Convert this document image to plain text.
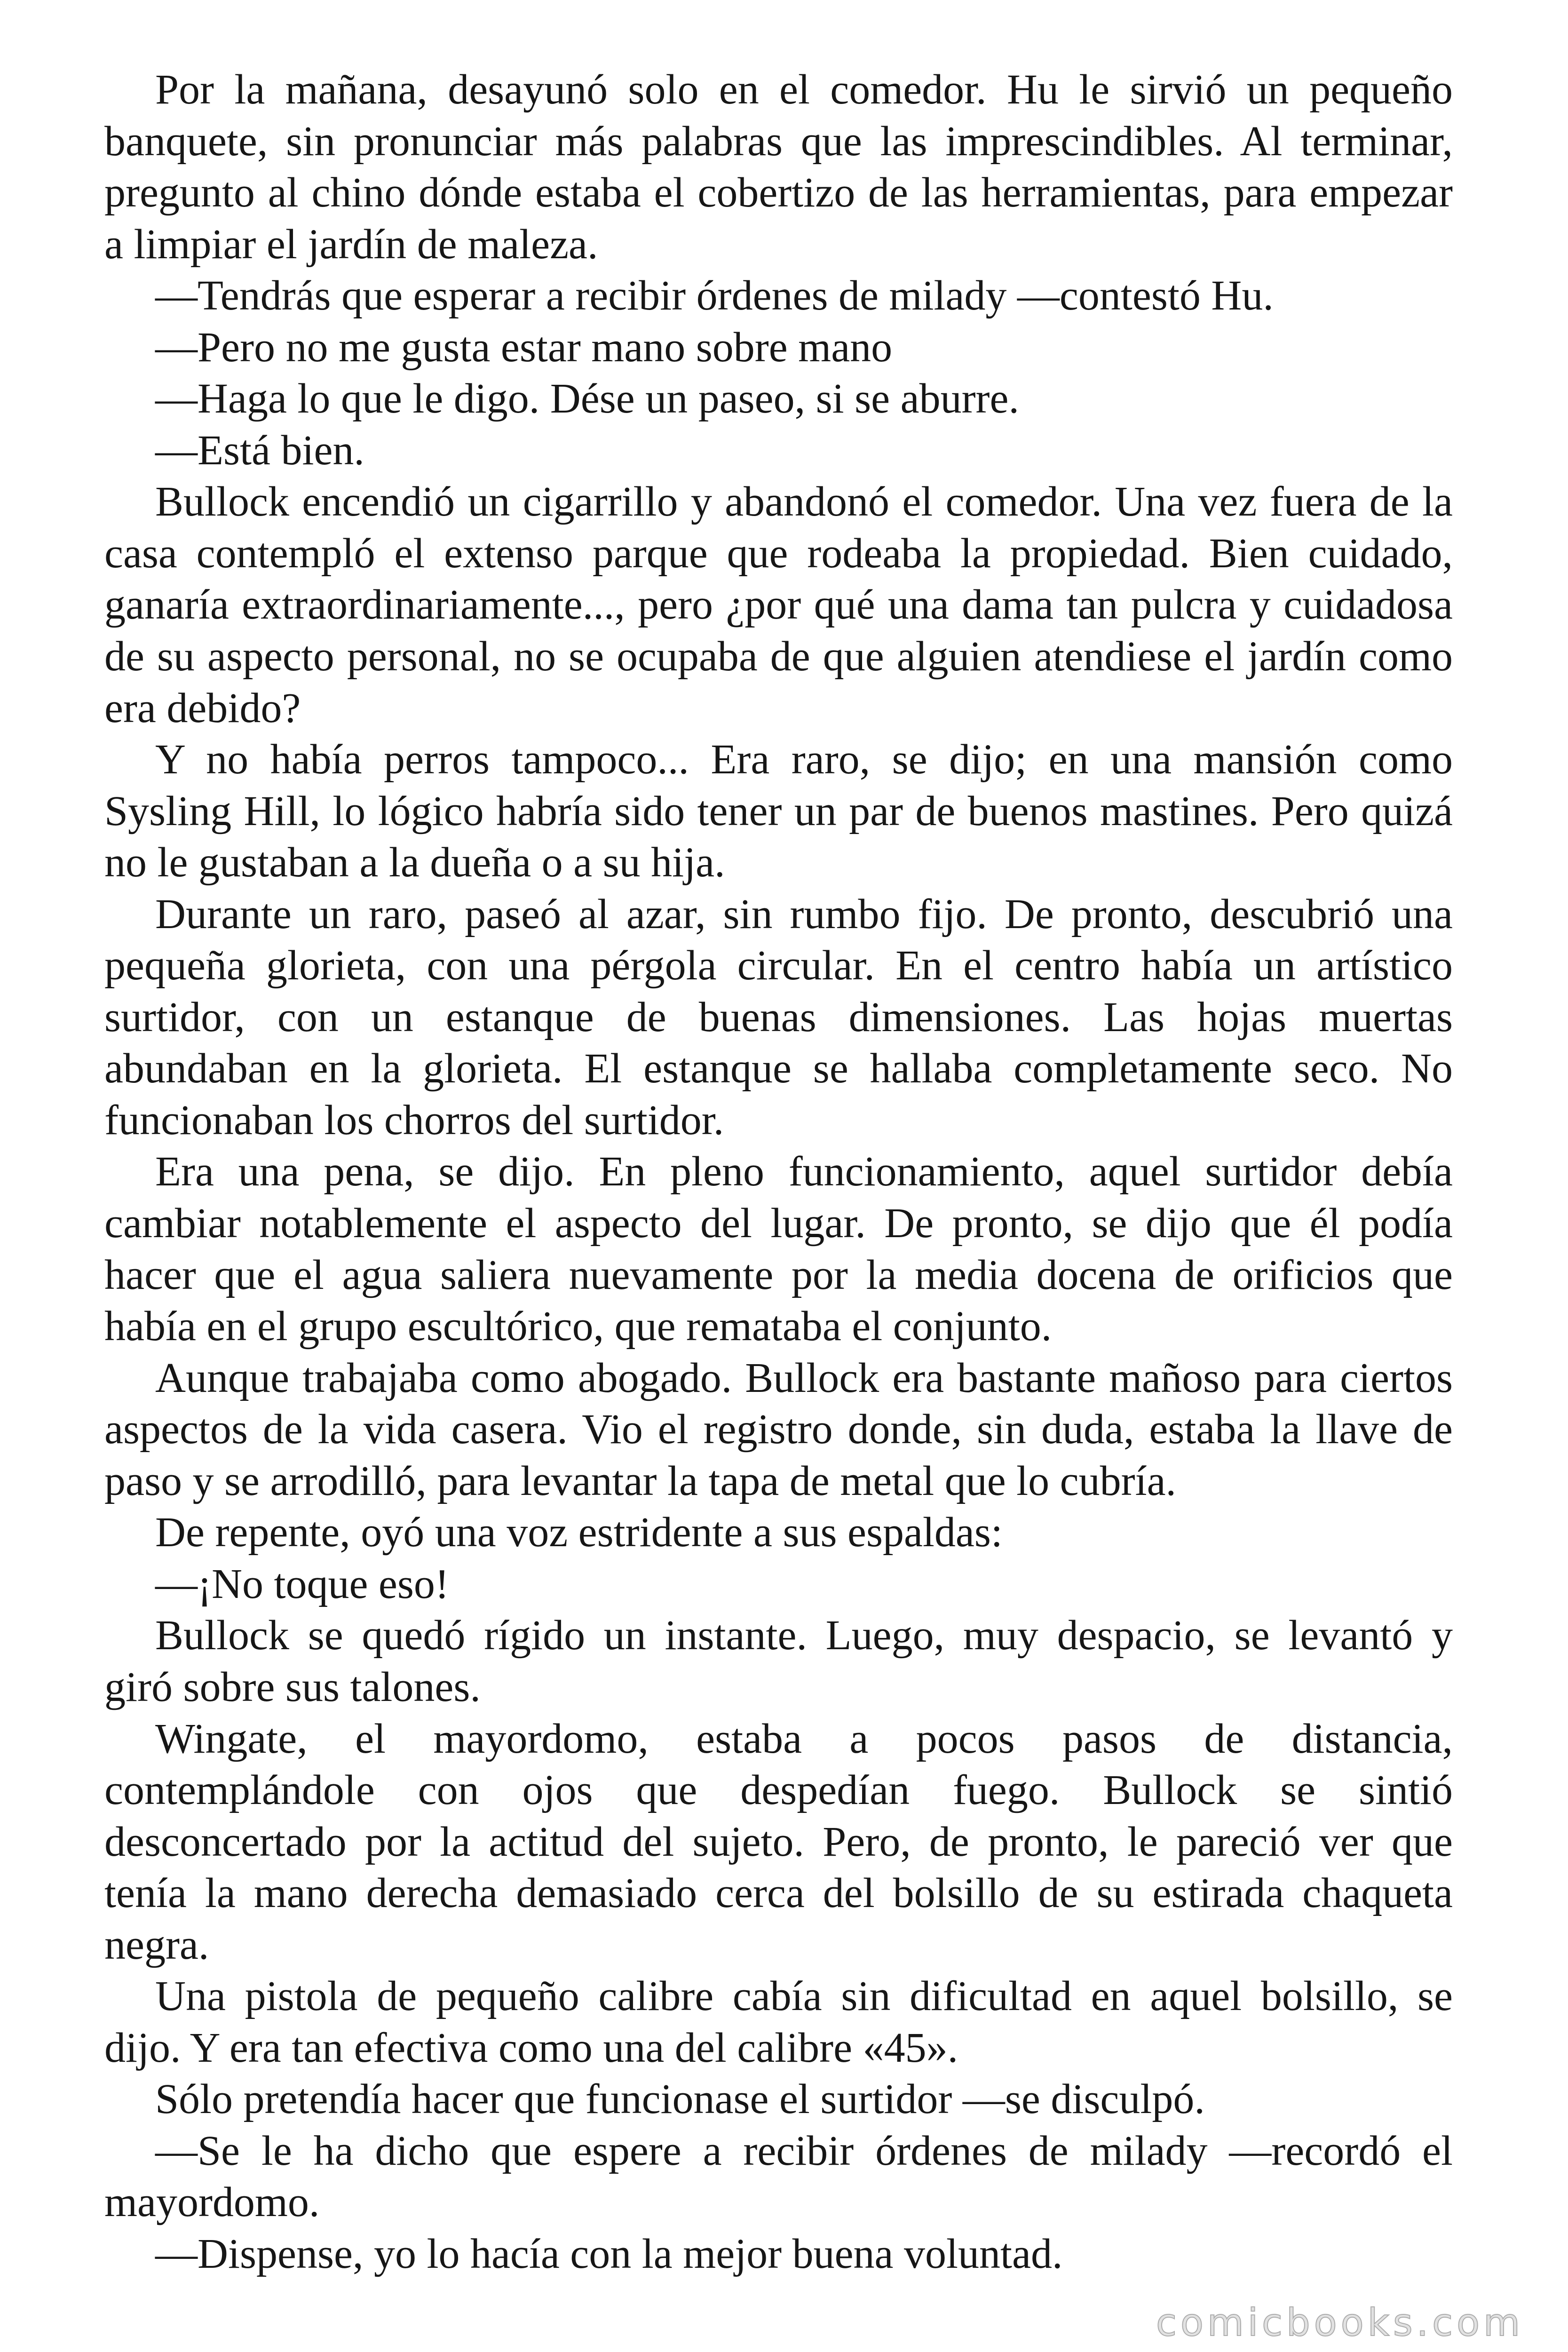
Por la mañana, desayunó solo en el comedor. Hu le sirvió un pequeño
banquete, sin pronunciar más palabras que las imprescindibles. Al terminar,
pregunto al chino dónde estaba el cobertizo de las herramientas, para empezar
a limpiar el jardín de maleza.
—Tendrás que esperar a recibir órdenes de milady —contestó Hu.
—Pero no me gusta estar mano sobre mano
—Haga lo que le digo. Dése un paseo, si se aburre.
—Está bien.
Bullock encendió un cigarrillo y abandonó el comedor. Una vez fuera de la
casa contempló el extenso parque que rodeaba la propiedad. Bien cuidado,
ganaría extraordinariamente..., pero ¿por qué una dama tan pulcra y cuidadosa
de su aspecto personal, no se ocupaba de que alguien atendiese el jardín como
era debido?
Y no había perros tampoco... Era raro, se dijo; en una mansión como
Sysling Hill, lo lógico habría sido tener un par de buenos mastines. Pero quizá
no le gustaban a la dueña o a su hija.
Durante un raro, paseó al azar, sin rumbo fijo. De pronto, descubrió una
pequeña glorieta, con una pérgola circular. En el centro había un artístico
surtidor, con un estanque de buenas dimensiones. Las hojas muertas
abundaban en la glorieta. El estanque se hallaba completamente seco. No
funcionaban los chorros del surtidor.
Era una pena, se dijo. En pleno funcionamiento, aquel surtidor debía
cambiar notablemente el aspecto del lugar. De pronto, se dijo que él podía
hacer que el agua saliera nuevamente por la media docena de orificios que
había en el grupo escultórico, que remataba el conjunto.
Aunque trabajaba como abogado. Bullock era bastante mañoso para ciertos
aspectos de la vida casera. Vio el registro donde, sin duda, estaba la llave de
paso y se arrodilló, para levantar la tapa de metal que lo cubría.
De repente, oyó una voz estridente a sus espaldas:
—¡No toque eso!
Bullock se quedó rígido un instante. Luego, muy despacio, se levantó y
giró sobre sus talones.
Wingate, el mayordomo, estaba a pocos pasos de distancia,
contemplándole con ojos que despedían fuego. Bullock se sintió
desconcertado por la actitud del sujeto. Pero, de pronto, le pareció ver que
tenía la mano derecha demasiado cerca del bolsillo de su estirada chaqueta
negra.
Una pistola de pequeño calibre cabía sin dificultad en aquel bolsillo, se
dijo. Y era tan efectiva como una del calibre «45».
Sólo pretendía hacer que funcionase el surtidor —se disculpó.
—Se le ha dicho que espere a recibir órdenes de milady —recordó el
mayordomo.
—Dispense, yo lo hacía con la mejor buena voluntad.
comicbooks.com
